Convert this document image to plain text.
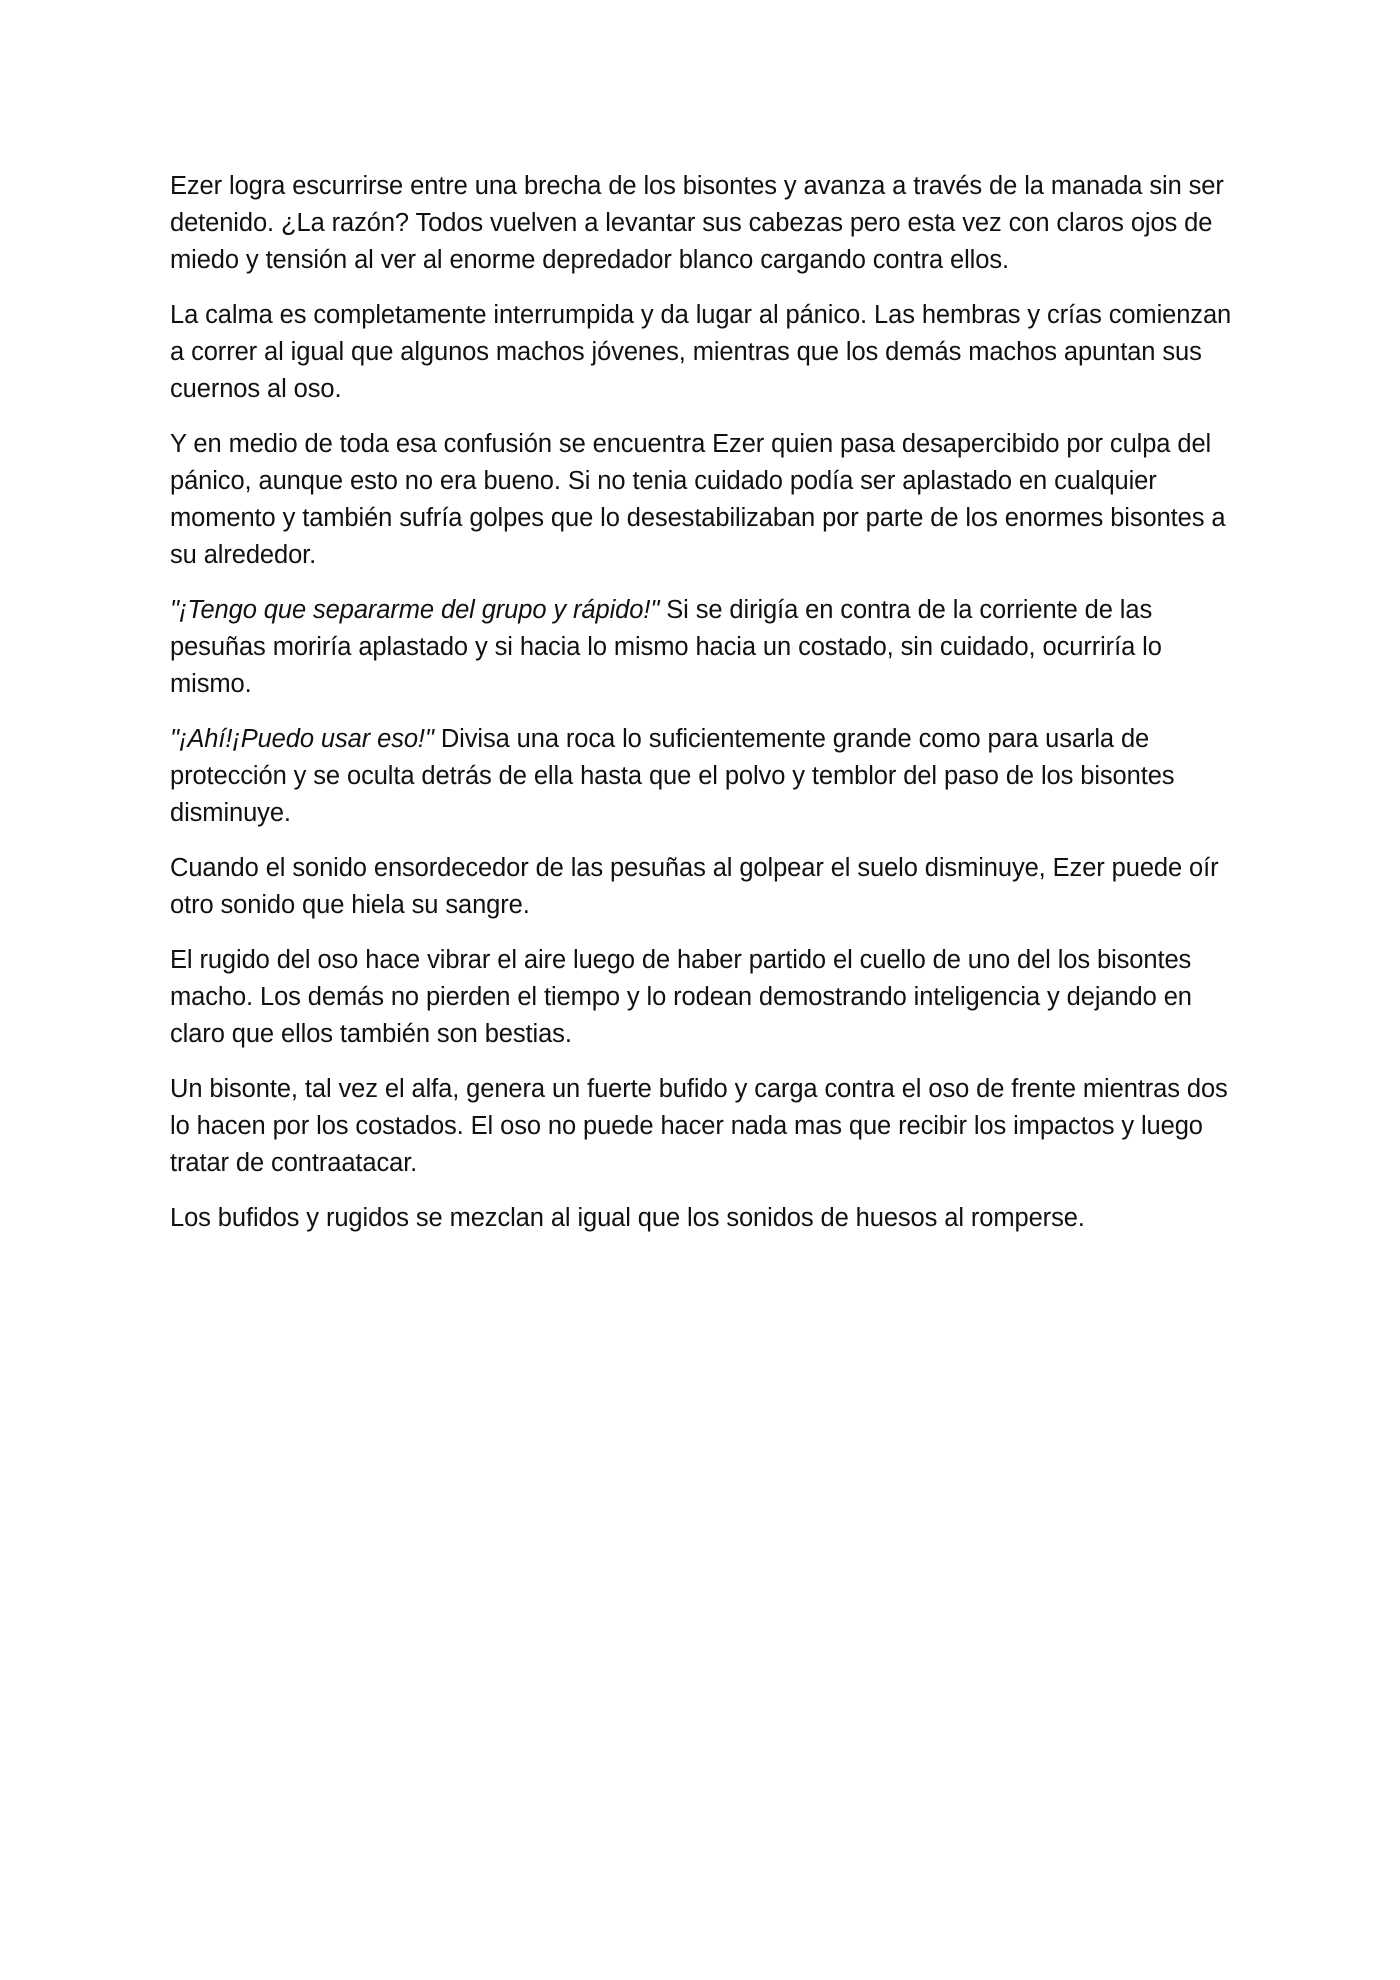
Ezer logra escurrirse entre una brecha de los bisontes y avanza a través de la manada sin ser detenido. ¿La razón? Todos vuelven a levantar sus cabezas pero esta vez con claros ojos de miedo y tensión al ver al enorme depredador blanco cargando contra ellos.

La calma es completamente interrumpida y da lugar al pánico. Las hembras y crías comienzan a correr al igual que algunos machos jóvenes, mientras que los demás machos apuntan sus cuernos al oso.

Y en medio de toda esa confusión se encuentra Ezer quien pasa desapercibido por culpa del pánico, aunque esto no era bueno. Si no tenia cuidado podía ser aplastado en cualquier momento y también sufría golpes que lo desestabilizaban por parte de los enormes bisontes a su alrededor.

"¡Tengo que separarme del grupo y rápido!" Si se dirigía en contra de la corriente de las pesuñas moriría aplastado y si hacia lo mismo hacia un costado, sin cuidado, ocurriría lo mismo.

"¡Ahí!¡Puedo usar eso!" Divisa una roca lo suficientemente grande como para usarla de protección y se oculta detrás de ella hasta que el polvo y temblor del paso de los bisontes disminuye.

Cuando el sonido ensordecedor de las pesuñas al golpear el suelo disminuye, Ezer puede oír otro sonido que hiela su sangre.

El rugido del oso hace vibrar el aire luego de haber partido el cuello de uno del los bisontes macho. Los demás no pierden el tiempo y lo rodean demostrando inteligencia y dejando en claro que ellos también son bestias.

Un bisonte, tal vez el alfa, genera un fuerte bufido y carga contra el oso de frente mientras dos lo hacen por los costados. El oso no puede hacer nada mas que recibir los impactos y luego tratar de contraatacar.

Los bufidos y rugidos se mezclan al igual que los sonidos de huesos al romperse.
